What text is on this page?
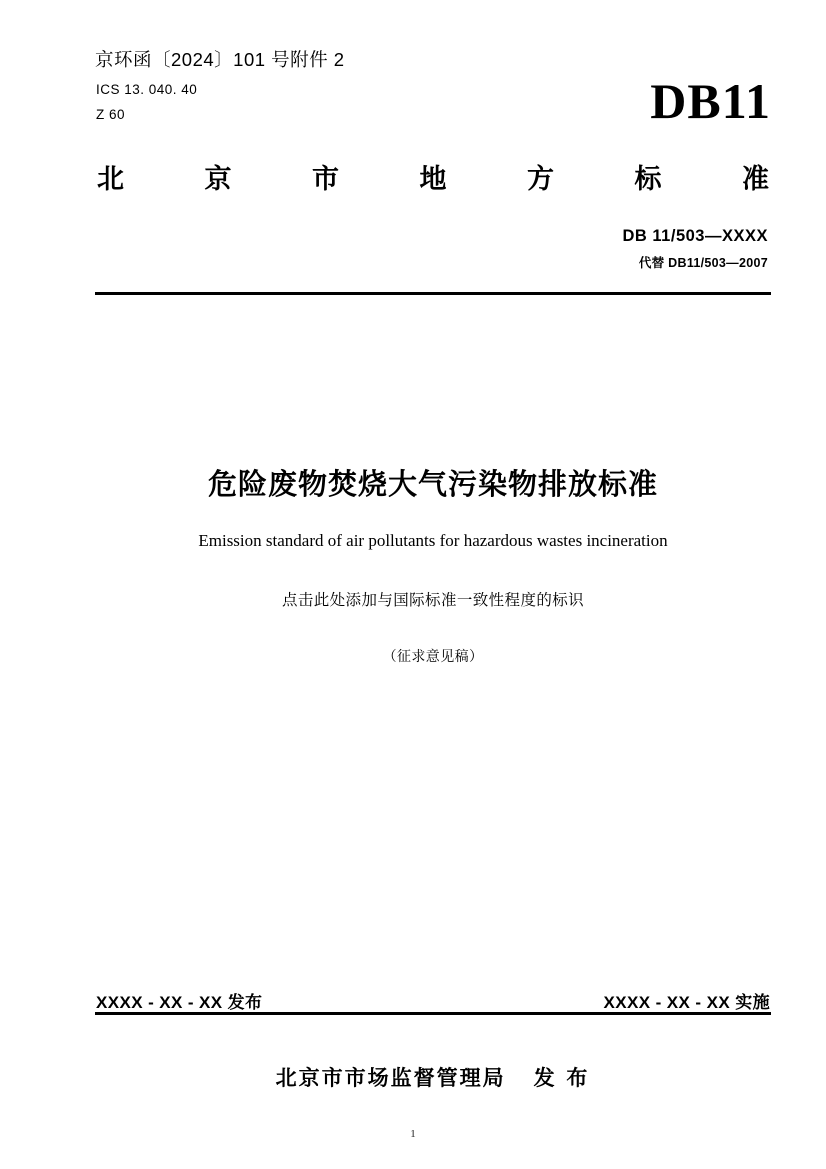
京环函〔2024〕101 号附件 2
ICS 13. 040. 40
Z 60	DB11
北	京	市	地	方	标	准
DB 11/503—XXXX
代替 DB11/503—2007
危险废物焚烧大气污染物排放标准
Emission standard of air pollutants for hazardous wastes incineration
点击此处添加与国际标准一致性程度的标识
（征求意见稿）
XXXX - XX - XX 发布	XXXX - XX - XX 实施
北京市市场监督管理局 发 布
1
